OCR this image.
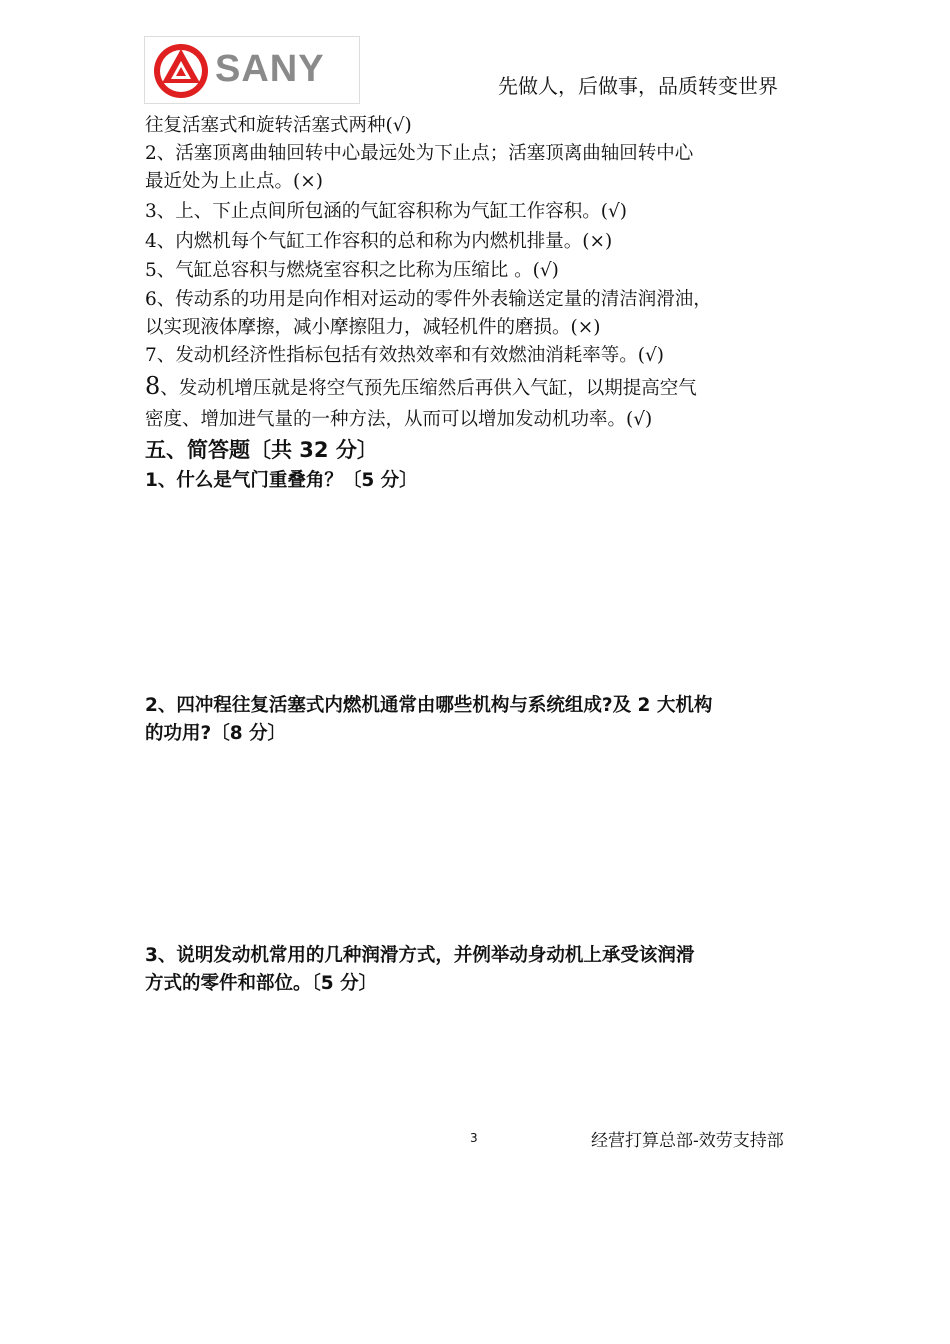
SANY	先做人，后做事，品质转变世界
往复活塞式和旋转活塞式两种(√)
2、活塞顶离曲轴回转中心最远处为下止点；活塞顶离曲轴回转中心
最近处为上止点。(×)
3、上、下止点间所包涵的气缸容积称为气缸工作容积。(√)
4、内燃机每个气缸工作容积的总和称为内燃机排量。(×)
5、气缸总容积与燃烧室容积之比称为压缩比 。(√)
6、传动系的功用是向作相对运动的零件外表输送定量的清洁润滑油，
以实现液体摩擦，减小摩擦阻力，减轻机件的磨损。(×)
7、发动机经济性指标包括有效热效率和有效燃油消耗率等。(√)
8、发动机增压就是将空气预先压缩然后再供入气缸，以期提高空气
密度、增加进气量的一种方法，从而可以增加发动机功率。(√)
五、简答题〔共 32 分〕
1、什么是气门重叠角？〔5 分〕
2、四冲程往复活塞式内燃机通常由哪些机构与系统组成?及 2 大机构
的功用?〔8 分〕
3、说明发动机常用的几种润滑方式，并例举动身动机上承受该润滑
方式的零件和部位。〔5 分〕
3	经营打算总部-效劳支持部
